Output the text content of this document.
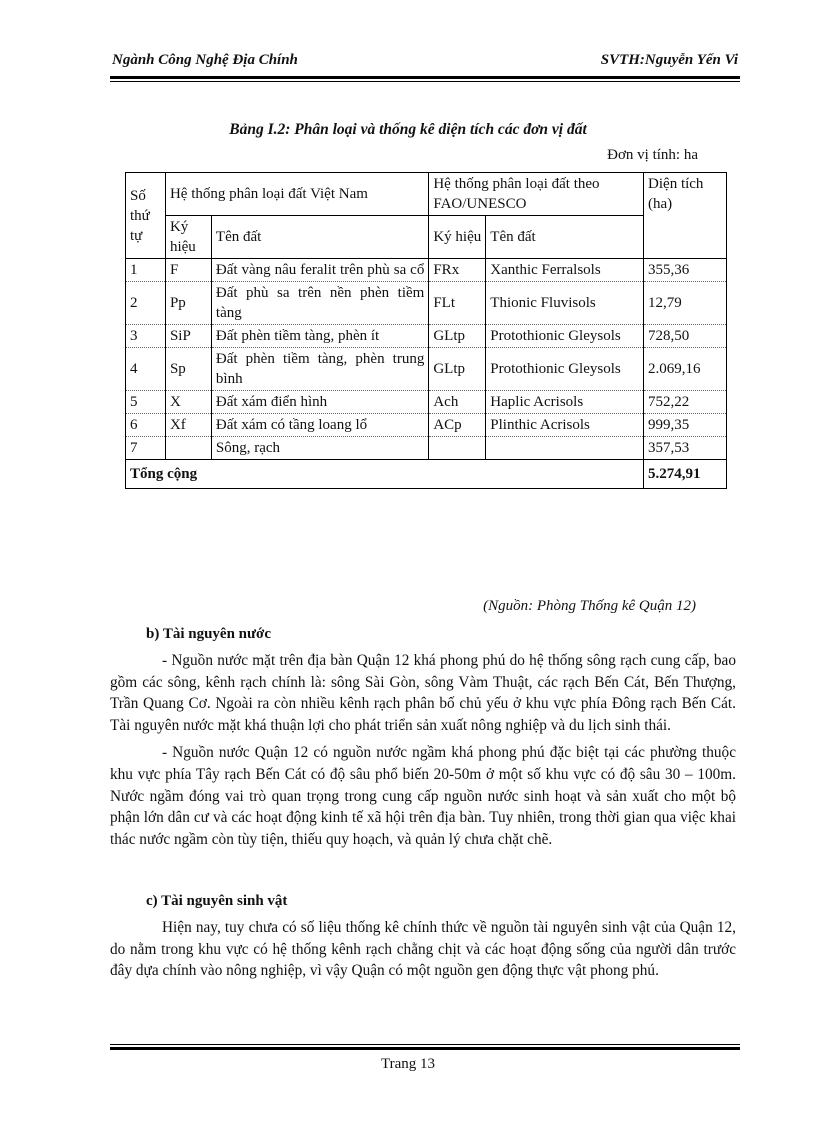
Ngành Công Nghệ Địa Chính	SVTH:Nguyễn Yến Vi
Bảng I.2: Phân loại và thống kê diện tích các đơn vị đất
Đơn vị tính: ha
Số thứ tự	Hệ thống phân loại đất Việt Nam		Hệ thống phân loại đất theo FAO/UNESCO		Diện tích (ha)
	Ký hiệu	Tên đất	Ký hiệu	Tên đất	
1	F	Đất vàng nâu feralit trên phù sa cổ	FRx	Xanthic Ferralsols	355,36
2	Pp	Đất phù sa trên nền phèn tiềm tàng	FLt	Thionic Fluvisols	12,79
3	SiP	Đất phèn tiềm tàng, phèn ít	GLtp	Protothionic Gleysols	728,50
4	Sp	Đất phèn tiềm tàng, phèn trung bình	GLtp	Protothionic Gleysols	2.069,16
5	X	Đất xám điển hình	Ach	Haplic Acrisols	752,22
6	Xf	Đất xám có tầng loang lổ	ACp	Plinthic Acrisols	999,35
7		Sông, rạch			357,53
Tổng cộng					5.274,91
(Nguồn: Phòng Thống kê Quận 12)
b) Tài nguyên nước

- Nguồn nước mặt trên địa bàn Quận 12 khá phong phú do hệ thống sông rạch cung cấp, bao gồm các sông, kênh rạch chính là: sông Sài Gòn, sông Vàm Thuật, các rạch Bến Cát, Bến Thượng, Trần Quang Cơ. Ngoài ra còn nhiều kênh rạch phân bố chủ yếu ở khu vực phía Đông rạch Bến Cát. Tài nguyên nước mặt khá thuận lợi cho phát triển sản xuất nông nghiệp và du lịch sinh thái.

- Nguồn nước Quận 12 có nguồn nước ngầm khá phong phú đặc biệt tại các phường thuộc khu vực phía Tây rạch Bến Cát có độ sâu phổ biến 20-50m ở một số khu vực có độ sâu 30 – 100m. Nước ngầm đóng vai trò quan trọng trong cung cấp nguồn nước sinh hoạt và sản xuất cho một bộ phận lớn dân cư và các hoạt động kinh tế xã hội trên địa bàn. Tuy nhiên, trong thời gian qua việc khai thác nước ngầm còn tùy tiện, thiếu quy hoạch, và quản lý chưa chặt chẽ.

c) Tài nguyên sinh vật

Hiện nay, tuy chưa có số liệu thống kê chính thức về nguồn tài nguyên sinh vật của Quận 12, do nằm trong khu vực có hệ thống kênh rạch chằng chịt và các hoạt động sống của người dân trước đây dựa chính vào nông nghiệp, vì vậy Quận có một nguồn gen động thực vật phong phú.

Trang 13
